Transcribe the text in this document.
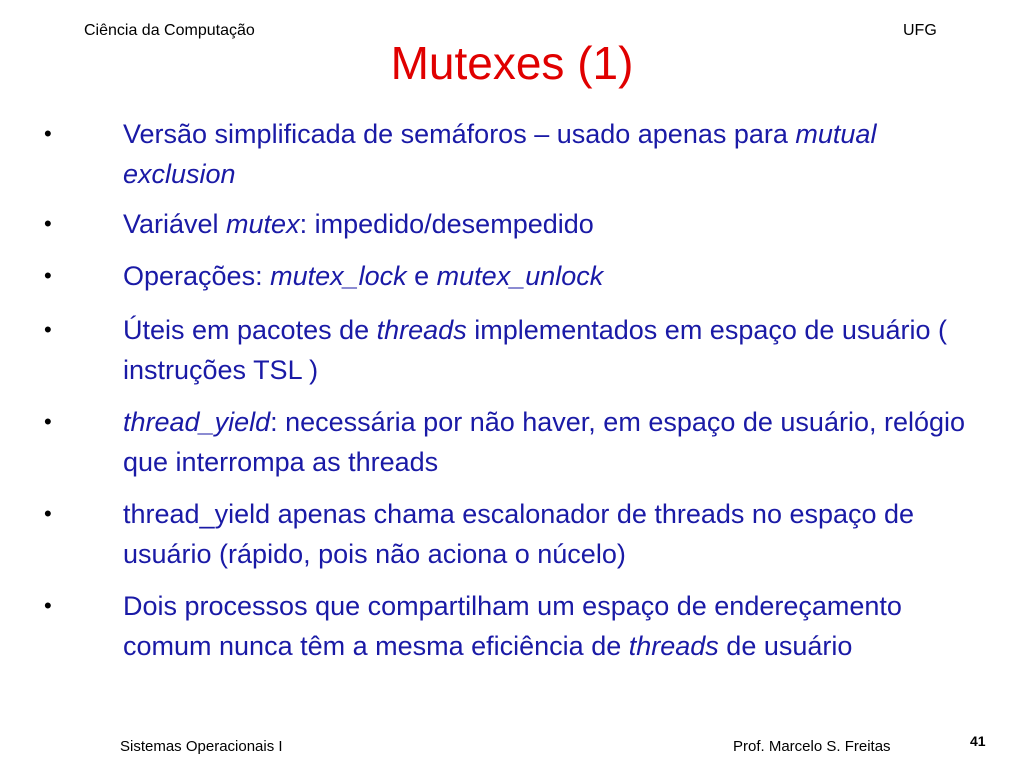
Ciência da Computação	UFG
Mutexes (1)
•	Versão simplificada de semáforos – usado apenas para mutual exclusion
•	Variável mutex: impedido/desempedido
•	Operações: mutex_lock e mutex_unlock
•	Úteis em pacotes de threads implementados em espaço de usuário ( instruções TSL )
•	thread_yield: necessária por não haver, em espaço de usuário, relógio que interrompa as threads
•	thread_yield apenas chama escalonador de threads no espaço de usuário (rápido, pois não aciona o núcelo)
•	Dois processos que compartilham um espaço de endereçamento comum nunca têm a mesma eficiência de threads de usuário
Sistemas Operacionais I	Prof. Marcelo S. Freitas	41
